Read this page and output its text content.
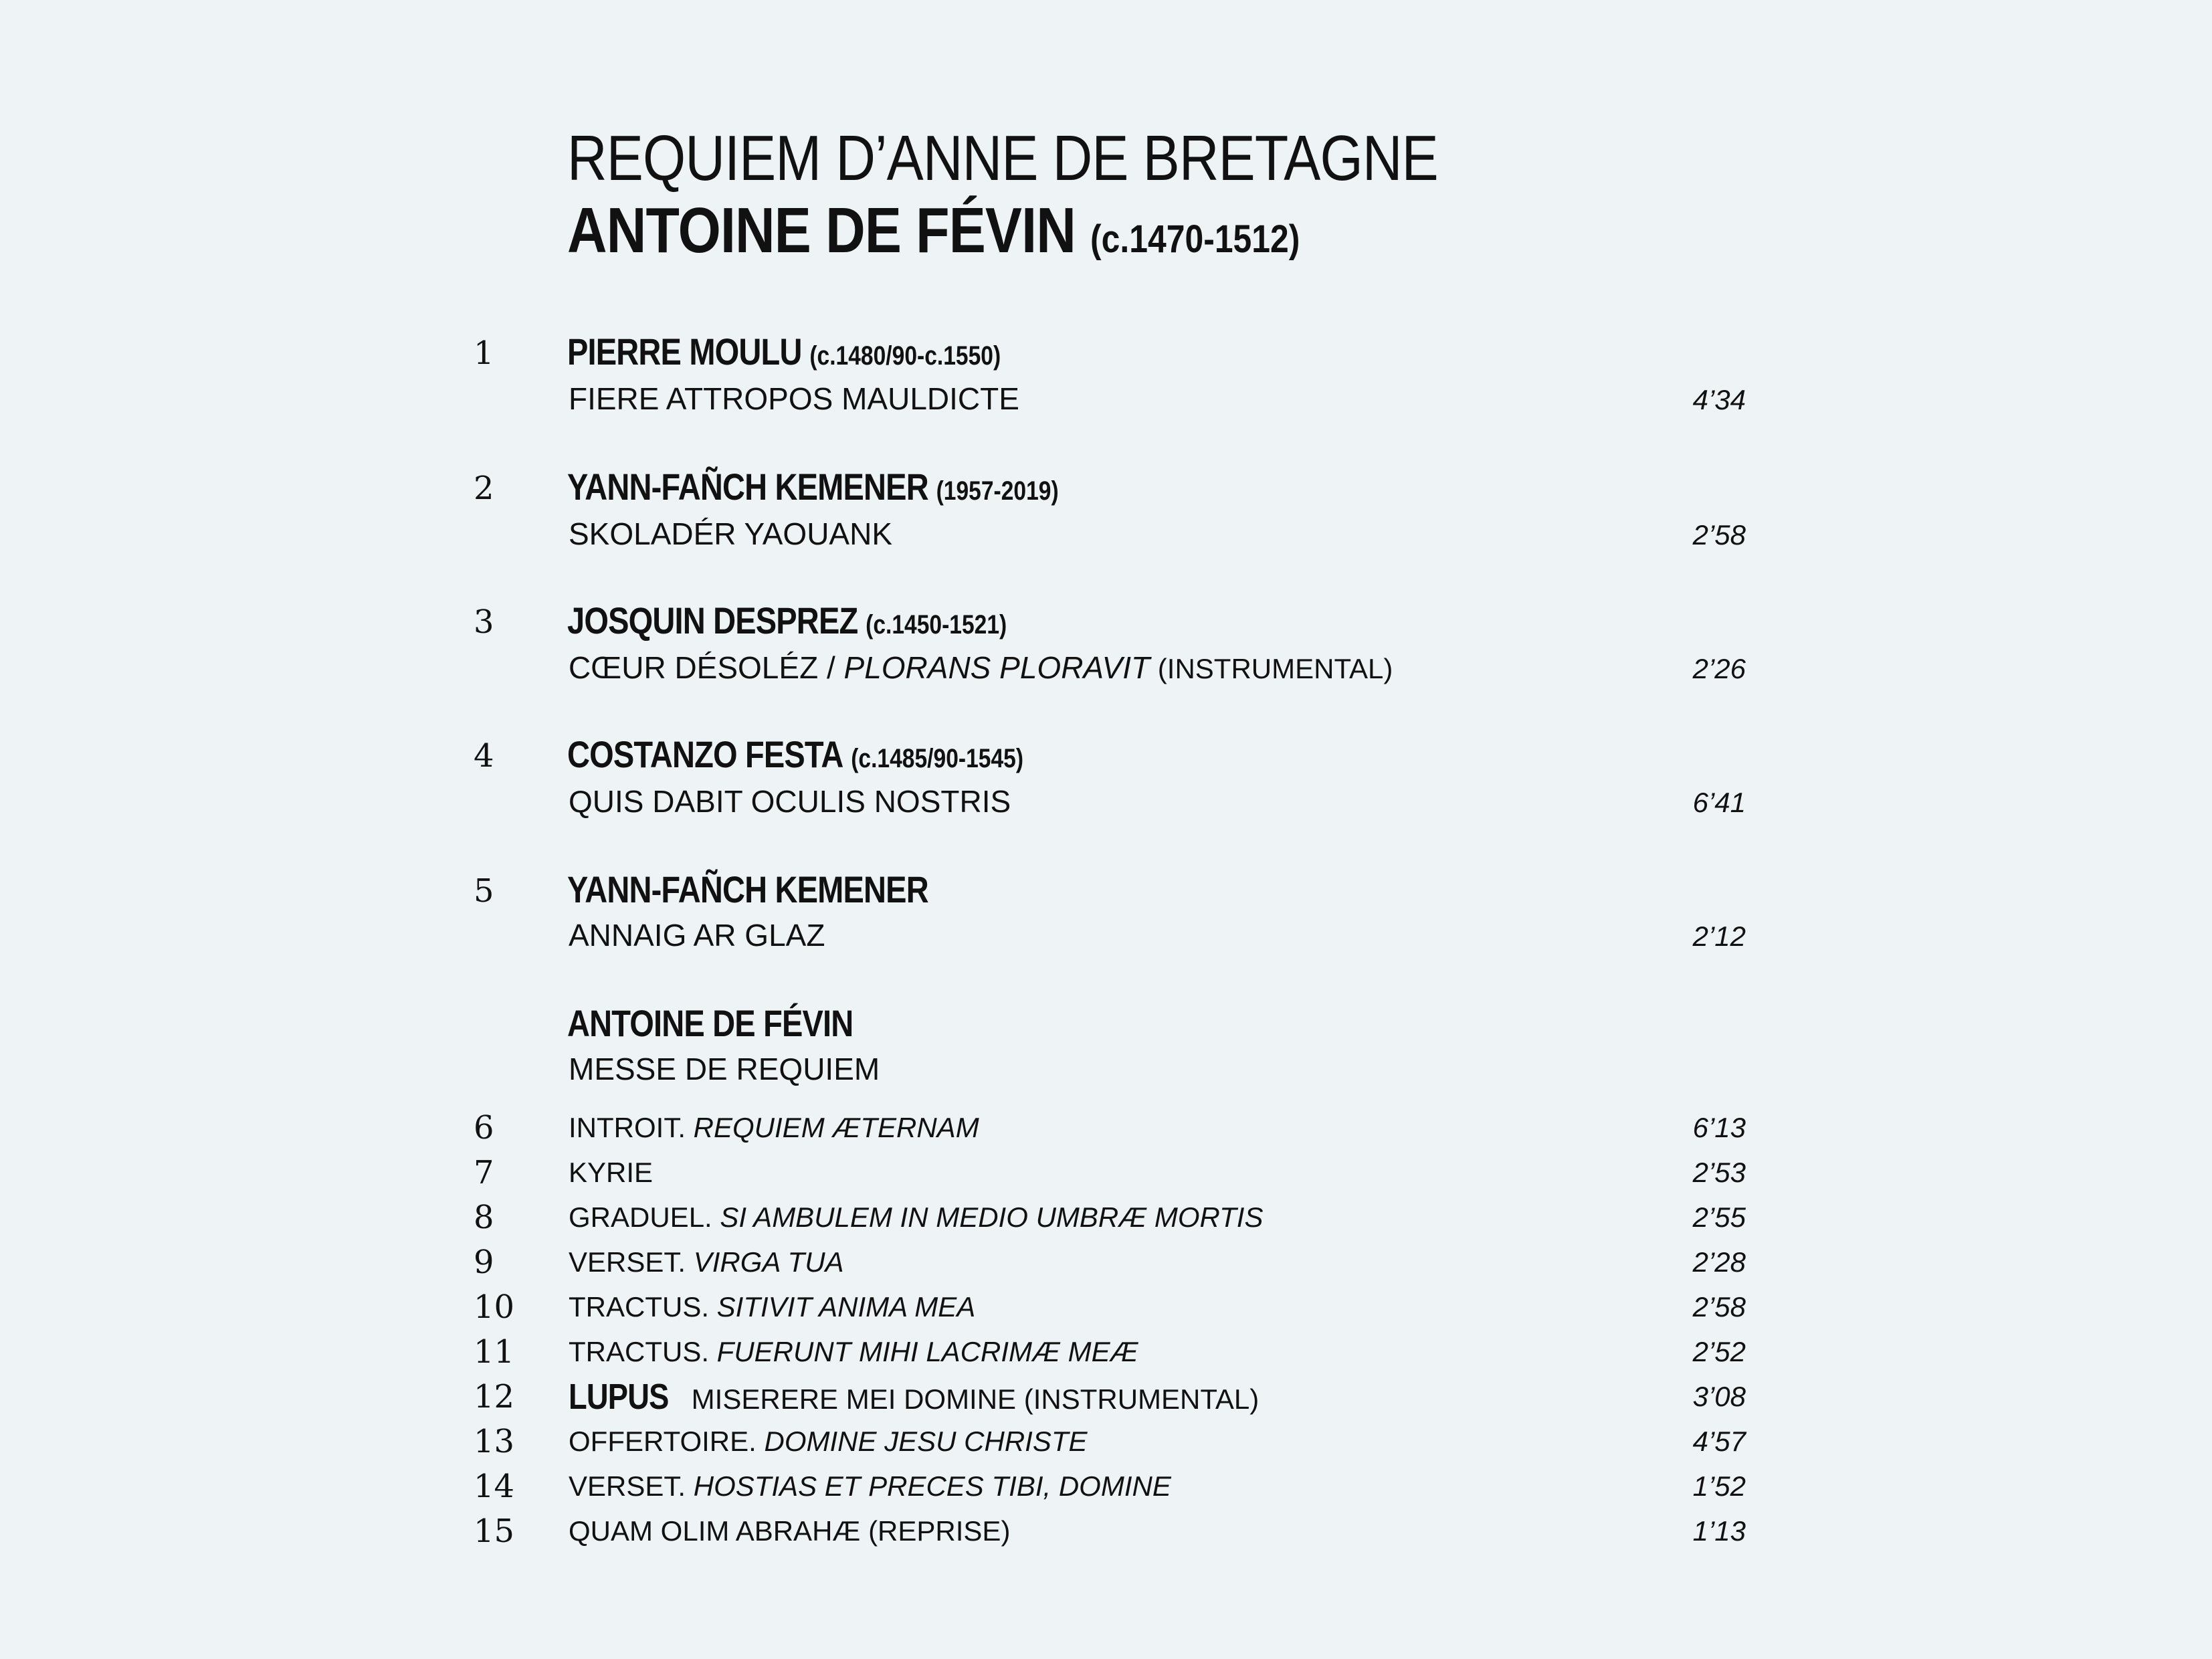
REQUIEM D’ANNE DE BRETAGNE
ANTOINE DE FÉVIN (c.1470-1512)
1	PIERRE MOULU (c.1480/90-c.1550)
FIERE ATTROPOS MAULDICTE	4’34
2	YANN-FAÑCH KEMENER (1957-2019)
SKOLADÉR YAOUANK	2’58
3	JOSQUIN DESPREZ (c.1450-1521)
CŒUR DÉSOLÉZ / PLORANS PLORAVIT (INSTRUMENTAL)	2’26
4	COSTANZO FESTA (c.1485/90-1545)
QUIS DABIT OCULIS NOSTRIS	6’41
5	YANN-FAÑCH KEMENER
ANNAIG AR GLAZ	2’12
ANTOINE DE FÉVIN
MESSE DE REQUIEM
6	INTROIT. REQUIEM ÆTERNAM	6’13
7	KYRIE	2’53
8	GRADUEL. SI AMBULEM IN MEDIO UMBRÆ MORTIS	2’55
9	VERSET. VIRGA TUA	2’28
10	TRACTUS. SITIVIT ANIMA MEA	2’58
11	TRACTUS. FUERUNT MIHI LACRIMÆ MEÆ	2’52
12	LUPUS MISERERE MEI DOMINE (INSTRUMENTAL)	3’08
13	OFFERTOIRE. DOMINE JESU CHRISTE	4’57
14	VERSET. HOSTIAS ET PRECES TIBI, DOMINE	1’52
15	QUAM OLIM ABRAHÆ (REPRISE)	1’13
